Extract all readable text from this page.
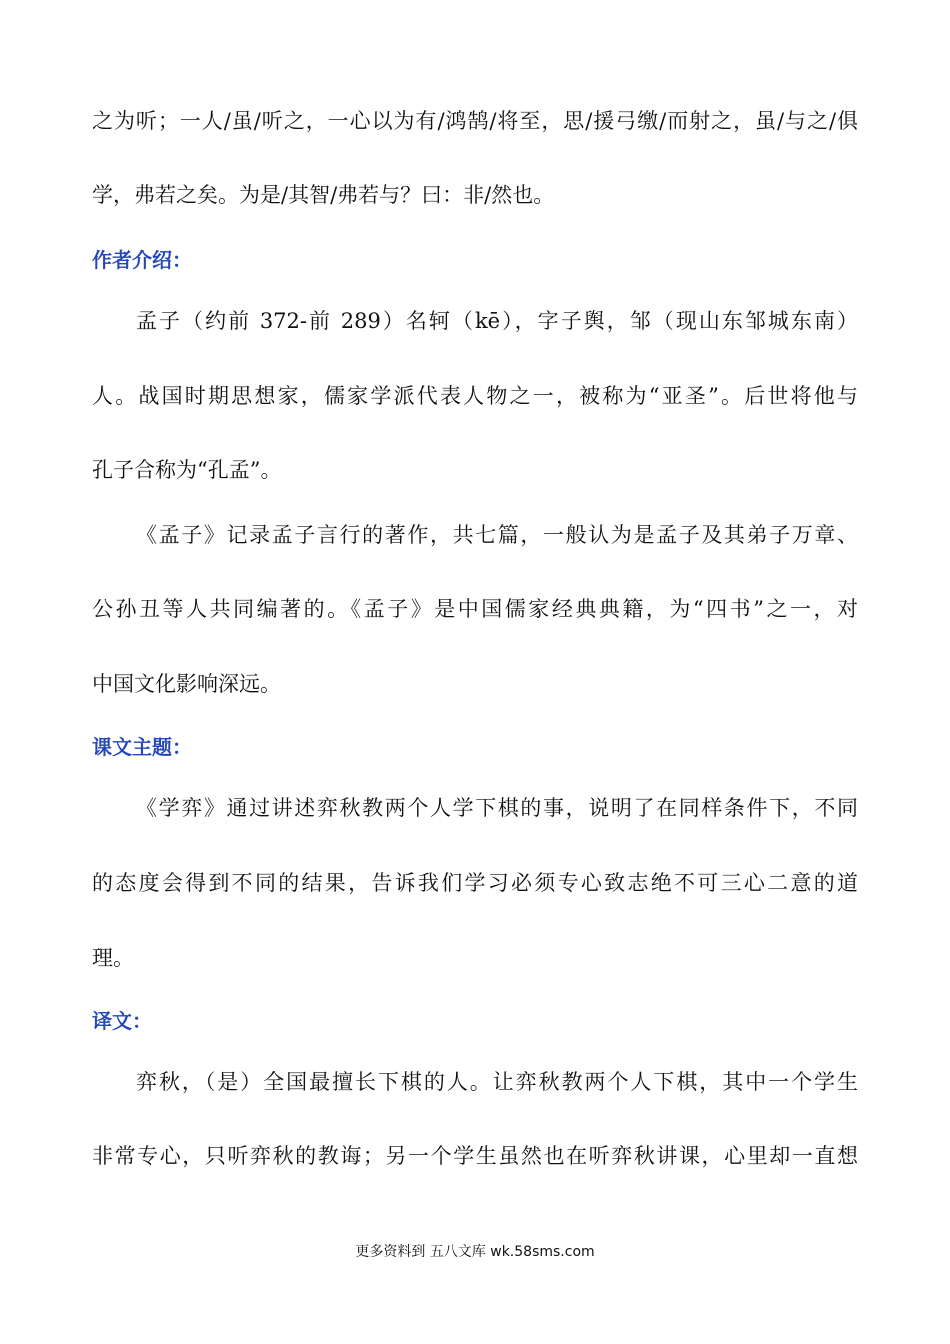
之为听；一人/虽/听之，一心以为有/鸿鹄/将至，思/援弓缴/而射之，虽/与之/俱
学，弗若之矣。为是/其智/弗若与？曰：非/然也。
作者介绍：
孟子（约前 372-前 289）名轲（kē），字子舆，邹（现山东邹城东南）
人。战国时期思想家，儒家学派代表人物之一，被称为“亚圣”。后世将他与
孔子合称为“孔孟”。
《孟子》记录孟子言行的著作，共七篇，一般认为是孟子及其弟子万章、
公孙丑等人共同编著的。《孟子》是中国儒家经典典籍，为“四书”之一，对
中国文化影响深远。
课文主题：
《学弈》通过讲述弈秋教两个人学下棋的事，说明了在同样条件下，不同
的态度会得到不同的结果，告诉我们学习必须专心致志绝不可三心二意的道
理。
译文：
弈秋，（是）全国最擅长下棋的人。让弈秋教两个人下棋，其中一个学生
非常专心，只听弈秋的教诲；另一个学生虽然也在听弈秋讲课，心里却一直想
更多资料到 五八文库 wk.58sms.com
